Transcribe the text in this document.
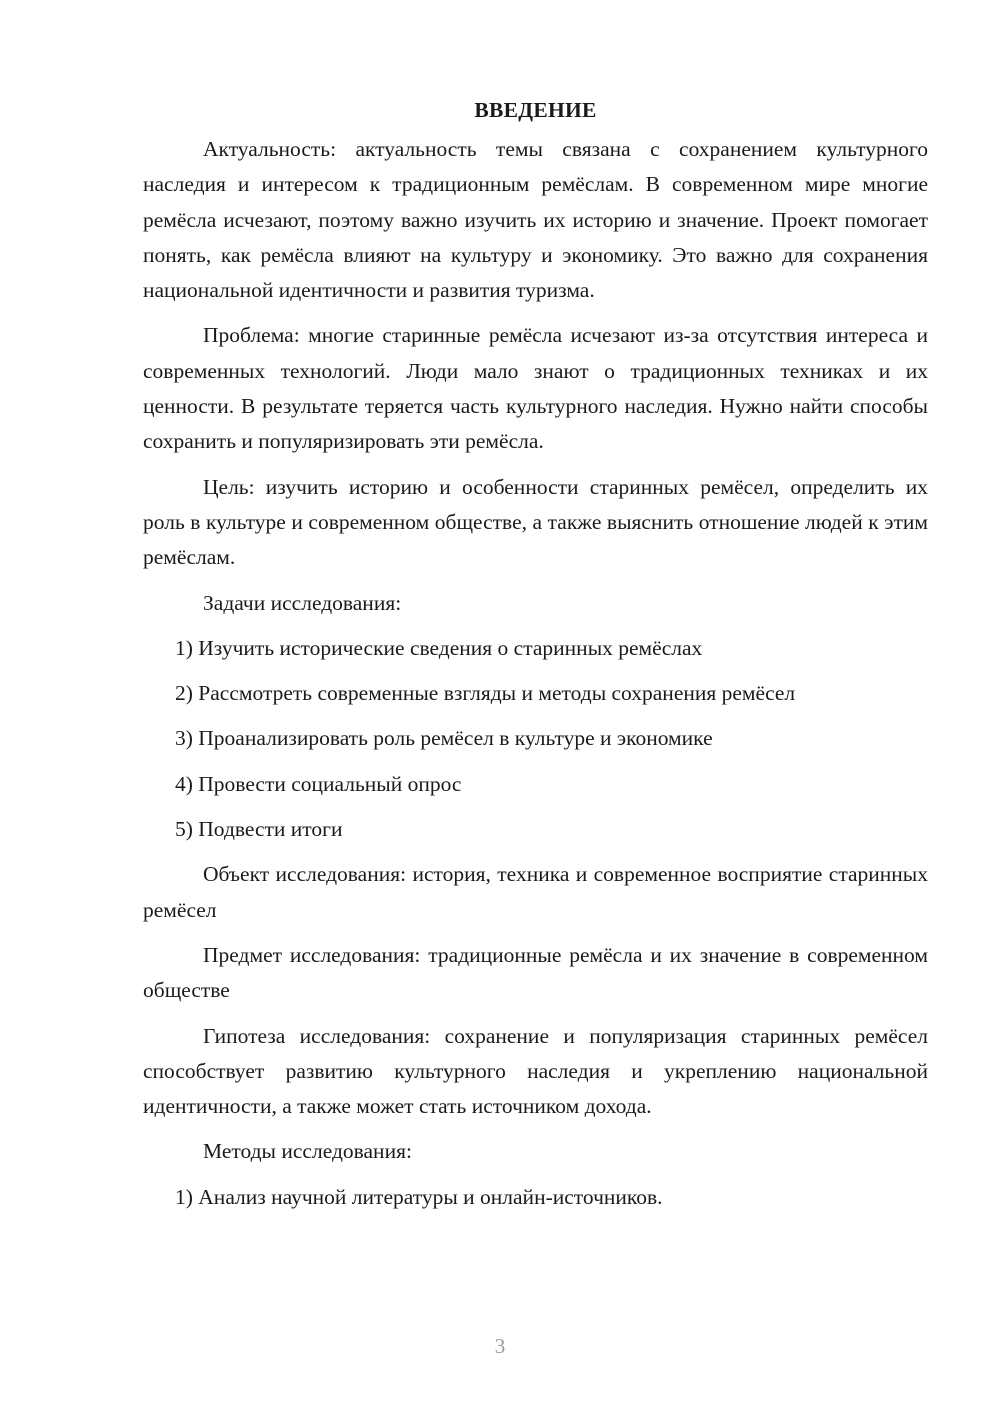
ВВЕДЕНИЕ

Актуальность: актуальность темы связана с сохранением культурного наследия и интересом к традиционным ремёслам. В современном мире многие ремёсла исчезают, поэтому важно изучить их историю и значение. Проект помогает понять, как ремёсла влияют на культуру и экономику. Это важно для сохранения национальной идентичности и развития туризма.

Проблема: многие старинные ремёсла исчезают из-за отсутствия интереса и современных технологий. Люди мало знают о традиционных техниках и их ценности. В результате теряется часть культурного наследия. Нужно найти способы сохранить и популяризировать эти ремёсла.

Цель: изучить историю и особенности старинных ремёсел, определить их роль в культуре и современном обществе, а также выяснить отношение людей к этим ремёслам.

Задачи исследования:

1) Изучить исторические сведения о старинных ремёслах

2) Рассмотреть современные взгляды и методы сохранения ремёсел

3) Проанализировать роль ремёсел в культуре и экономике

4) Провести социальный опрос

5) Подвести итоги

Объект исследования: история, техника и современное восприятие старинных ремёсел

Предмет исследования: традиционные ремёсла и их значение в современном обществе

Гипотеза исследования: сохранение и популяризация старинных ремёсел способствует развитию культурного наследия и укреплению национальной идентичности, а также может стать источником дохода.

Методы исследования:

1) Анализ научной литературы и онлайн-источников.

3
